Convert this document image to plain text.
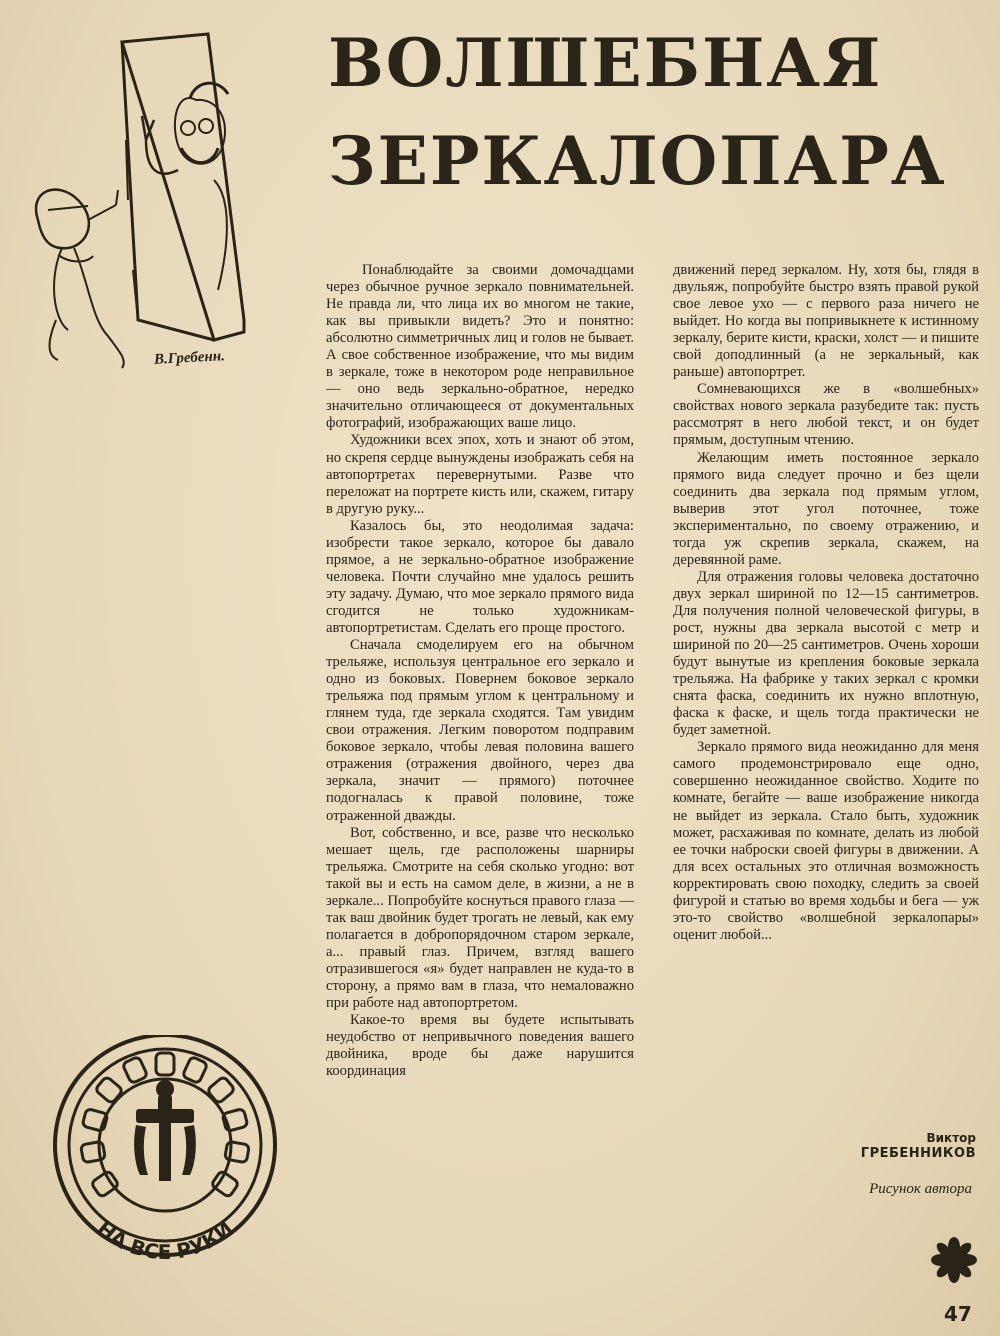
В.Гребенн.
ВОЛШЕБНАЯ
ЗЕРКАЛОПАРА

Понаблюдайте за своими домочадцами через обычное ручное зеркало повнимательней. Не правда ли, что лица их во многом не такие, как вы привыкли видеть? Это и понятно: абсолютно симметричных лиц и голов не бывает. А свое собственное изображение, что мы видим в зеркале, тоже в некотором роде неправильное — оно ведь зеркально-обратное, нередко значительно отличающееся от документальных фотографий, изображающих ваше лицо.

Художники всех эпох, хоть и знают об этом, но скрепя сердце вынуждены изображать себя на автопортретах перевернутыми. Разве что переложат на портрете кисть или, скажем, гитару в другую руку...

Казалось бы, это неодолимая задача: изобрести такое зеркало, которое бы давало прямое, а не зеркально-обратное изображение человека. Почти случайно мне удалось решить эту задачу. Думаю, что мое зеркало прямого вида сгодится не только художникам-автопортретистам. Сделать его проще простого.

Сначала смоделируем его на обычном трельяже, используя центральное его зеркало и одно из боковых. Повернем боковое зеркало трельяжа под прямым углом к центральному и глянем туда, где зеркала сходятся. Там увидим свои отражения. Легким поворотом подправим боковое зеркало, чтобы левая половина вашего отражения (отражения двойного, через два зеркала, значит — прямого) поточнее подогналась к правой половине, тоже отраженной дважды.

Вот, собственно, и все, разве что несколько мешает щель, где расположены шарниры трельяжа. Смотрите на себя сколько угодно: вот такой вы и есть на самом деле, в жизни, а не в зеркале... Попробуйте коснуться правого глаза — так ваш двойник будет трогать не левый, как ему полагается в добропорядочном старом зеркале, а... правый глаз. Причем, взгляд вашего отразившегося «я» будет направлен не куда-то в сторону, а прямо вам в глаза, что немаловажно при работе над автопортретом.

Какое-то время вы будете испытывать неудобство от непривычного поведения вашего двойника, вроде бы даже нарушится координация

движений перед зеркалом. Ну, хотя бы, глядя в двульяж, попробуйте быстро взять правой рукой свое левое ухо — с первого раза ничего не выйдет. Но когда вы попривыкнете к истинному зеркалу, берите кисти, краски, холст — и пишите свой доподлинный (а не зеркальный, как раньше) автопортрет.

Сомневающихся же в «волшебных» свойствах нового зеркала разубедите так: пусть рассмотрят в него любой текст, и он будет прямым, доступным чтению.

Желающим иметь постоянное зеркало прямого вида следует прочно и без щели соединить два зеркала под прямым углом, выверив этот угол поточнее, тоже экспериментально, по своему отражению, и тогда уж скрепив зеркала, скажем, на деревянной раме.

Для отражения головы человека достаточно двух зеркал шириной по 12—15 сантиметров. Для получения полной человеческой фигуры, в рост, нужны два зеркала высотой с метр и шириной по 20—25 сантиметров. Очень хороши будут вынутые из крепления боковые зеркала трельяжа. На фабрике у таких зеркал с кромки снята фаска, соединить их нужно вплотную, фаска к фаске, и щель тогда практически не будет заметной.

Зеркало прямого вида неожиданно для меня самого продемонстрировало еще одно, совершенно неожиданное свойство. Ходите по комнате, бегайте — ваше изображение никогда не выйдет из зеркала. Стало быть, художник может, расхаживая по комнате, делать из любой ее точки наброски своей фигуры в движении. А для всех остальных это отличная возможность корректировать свою походку, следить за своей фигурой и статью во время ходьбы и бега — уж это-то свойство «волшебной зеркалопары» оценит любой...

Виктор
ГРЕБЕННИКОВ
Рисунок автора
НА ВСЕ РУКИ
47
